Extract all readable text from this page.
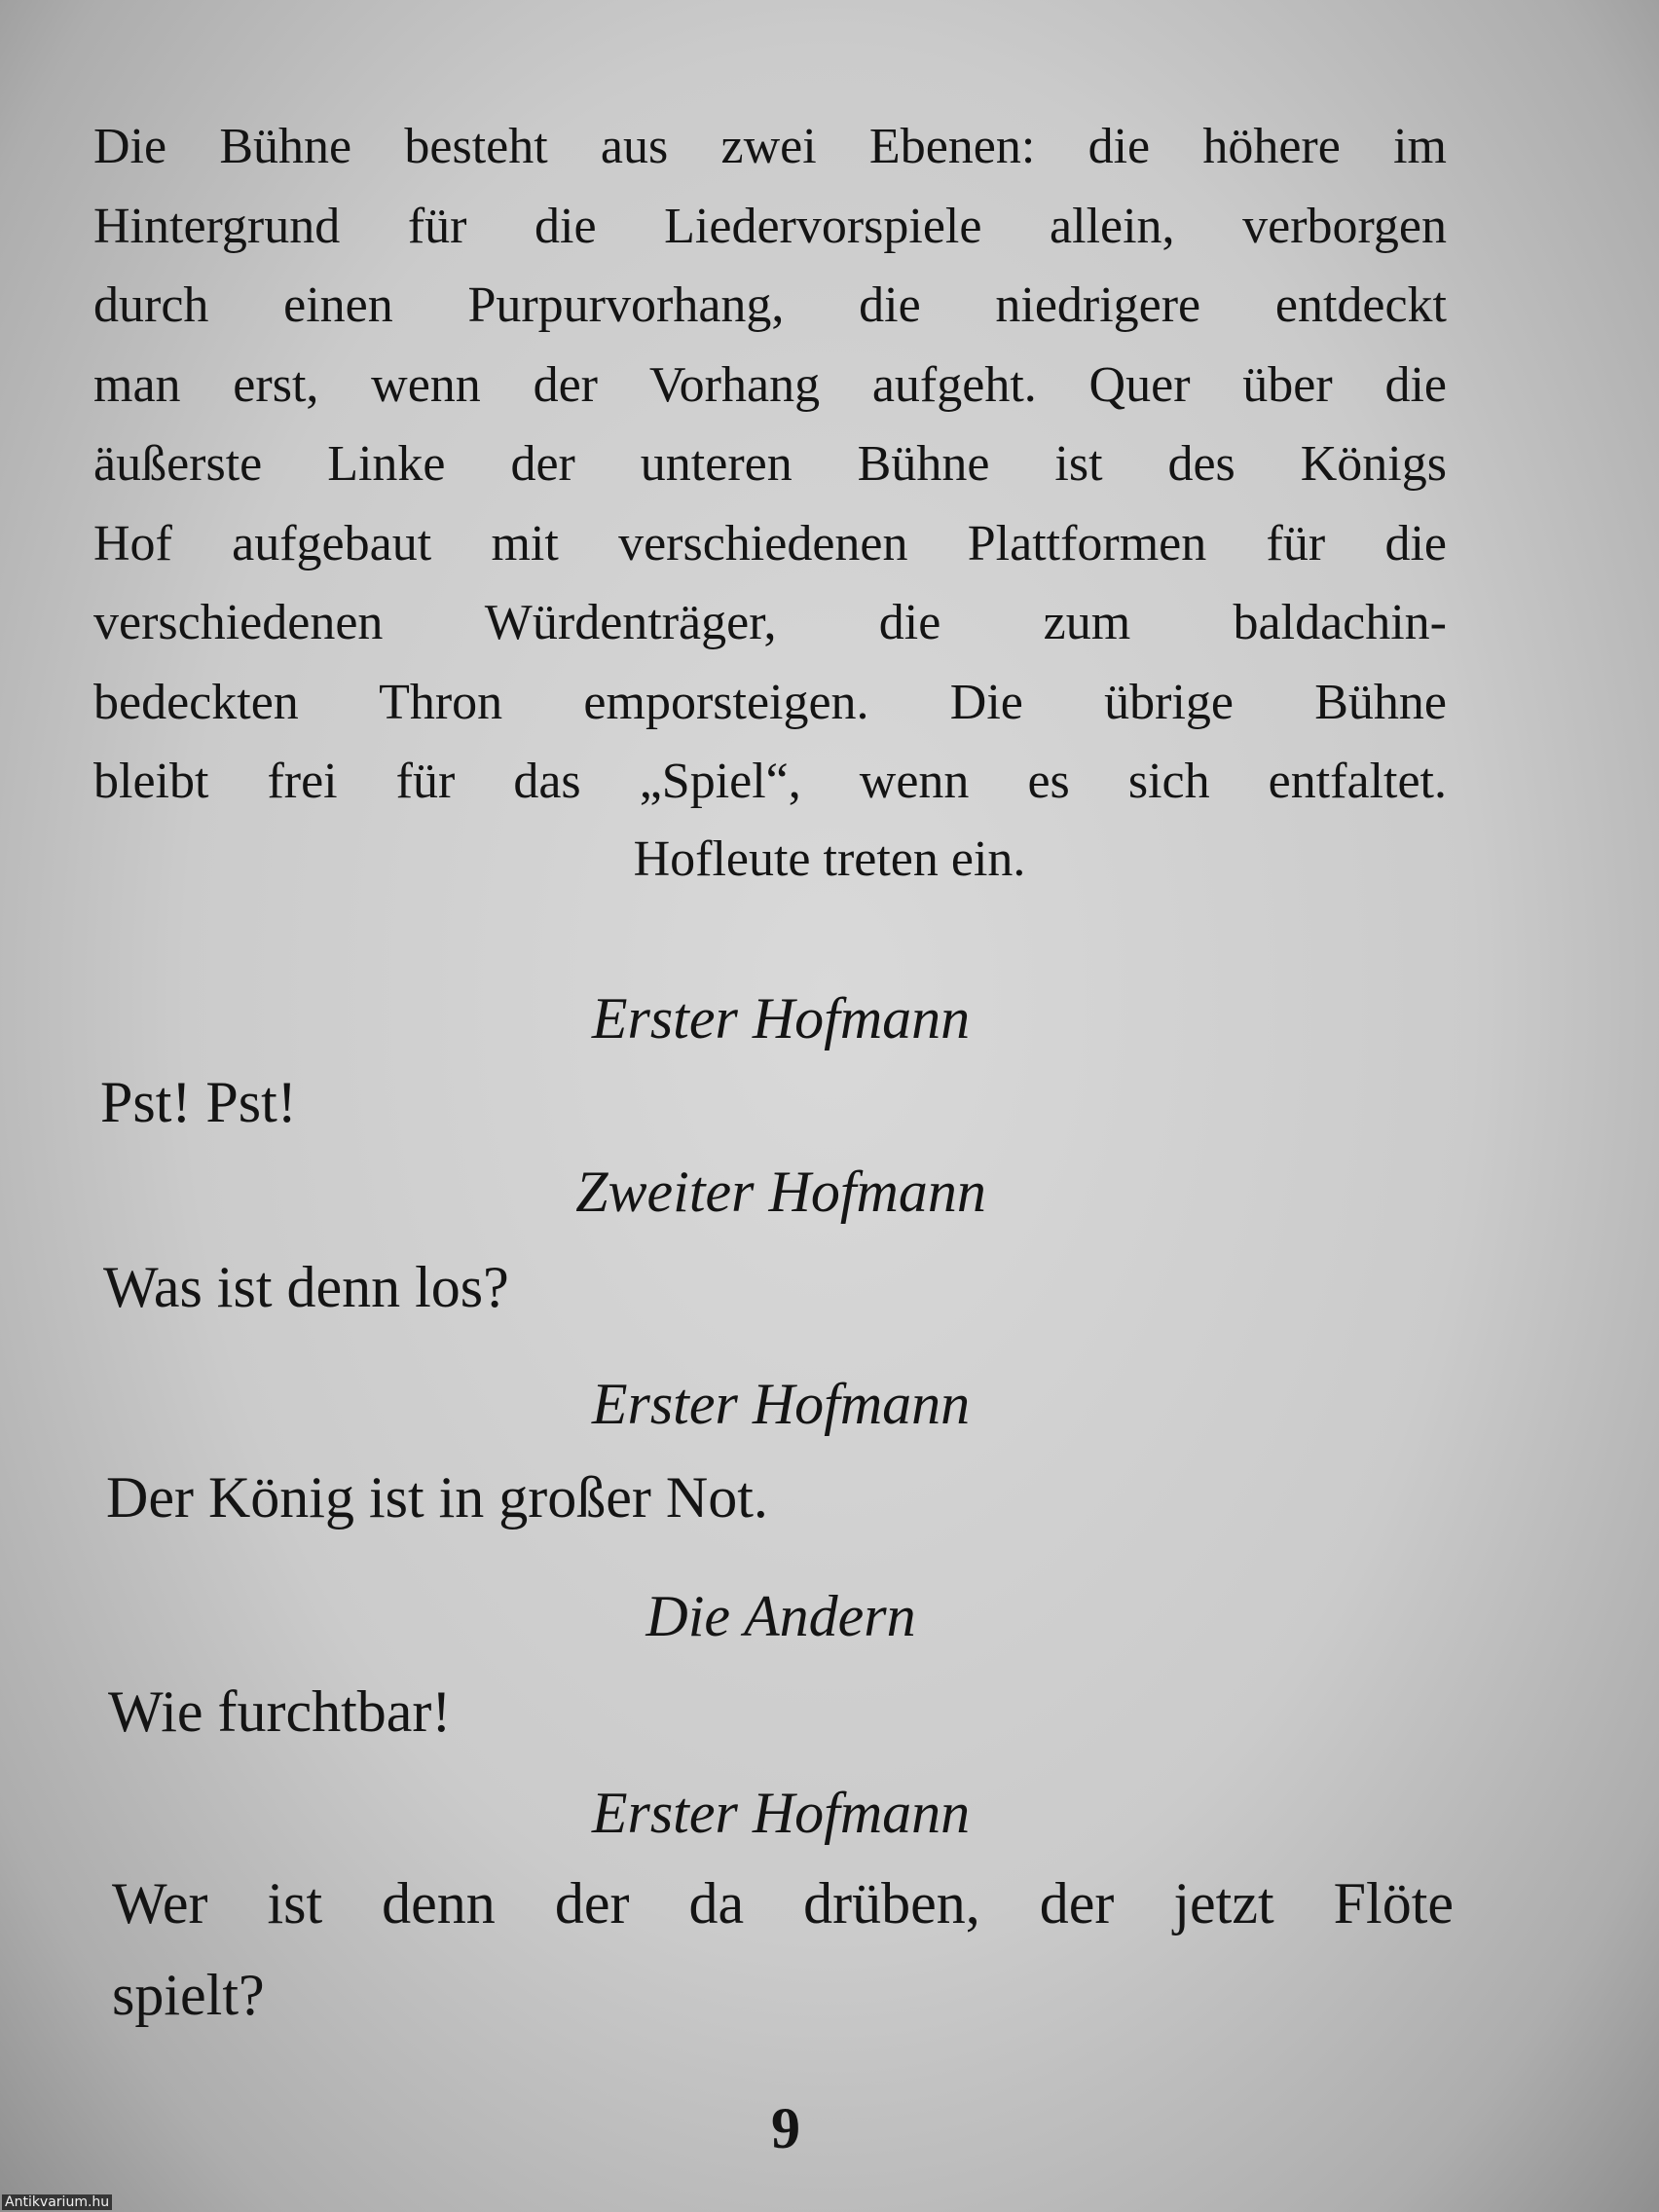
Die Bühne besteht aus zwei Ebenen: die höhere im
Hintergrund für die Liedervorspiele allein, verborgen
durch einen Purpurvorhang, die niedrigere entdeckt
man erst, wenn der Vorhang aufgeht. Quer über die
äußerste Linke der unteren Bühne ist des Königs
Hof aufgebaut mit verschiedenen Plattformen für die
verschiedenen Würdenträger, die zum baldachin-
bedeckten Thron emporsteigen. Die übrige Bühne
bleibt frei für das „Spiel“, wenn es sich entfaltet.
Hofleute treten ein.
Erster Hofmann
Pst! Pst!
Zweiter Hofmann
Was ist denn los?
Erster Hofmann
Der König ist in großer Not.
Die Andern
Wie furchtbar!
Erster Hofmann
Wer ist denn der da drüben, der jetzt Flöte
spielt?
9
Antikvarium.hu
